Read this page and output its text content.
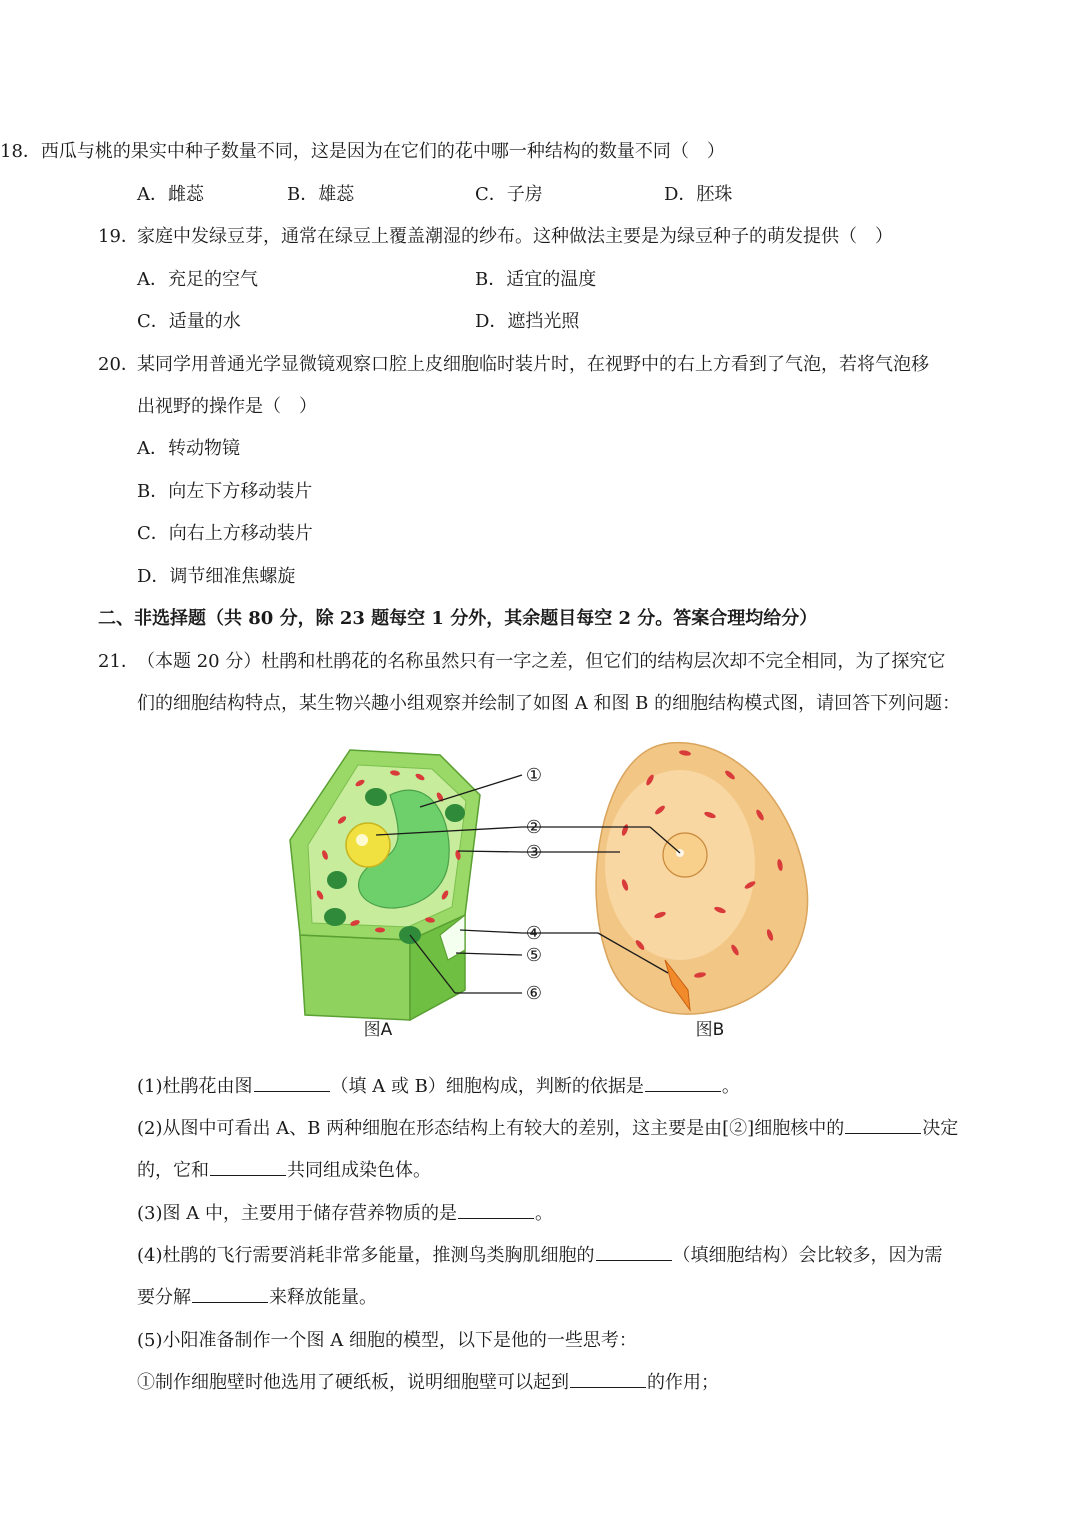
18．西瓜与桃的果实中种子数量不同，这是因为在它们的花中哪一种结构的数量不同（　）
A．雌蕊	B．雄蕊	C．子房	D．胚珠
19．
家庭中发绿豆芽，通常在绿豆上覆盖潮湿的纱布。这种做法主要是为绿豆种子的萌发提供（　）
A．充足的空气	B．适宜的温度
C．适量的水	D．遮挡光照
20．
某同学用普通光学显微镜观察口腔上皮细胞临时装片时，在视野中的右上方看到了气泡，若将气泡移
出视野的操作是（　）
A．转动物镜
B．向左下方移动装片
C．向右上方移动装片
D．调节细准焦螺旋
二、非选择题（共 80 分，除 23 题每空 1 分外，其余题目每空 2 分。答案合理均给分）
21．
（本题 20 分）杜鹃和杜鹃花的名称虽然只有一字之差，但它们的结构层次却不完全相同，为了探究它
们的细胞结构特点，某生物兴趣小组观察并绘制了如图 A 和图 B 的细胞结构模式图，请回答下列问题：
①
②
③
④
⑤
⑥
图A	图B
(1)杜鹃花由图	（填 A 或 B）细胞构成，判断的依据是	。
(2)从图中可看出 A、B 两种细胞在形态结构上有较大的差别，这主要是由[②]细胞核中的	决定
的，它和	共同组成染色体。
(3)图 A 中，主要用于储存营养物质的是	。
(4)杜鹃的飞行需要消耗非常多能量，推测鸟类胸肌细胞的	（填细胞结构）会比较多，因为需
要分解	来释放能量。
(5)小阳准备制作一个图 A 细胞的模型，以下是他的一些思考：
①制作细胞壁时他选用了硬纸板，说明细胞壁可以起到	的作用；
